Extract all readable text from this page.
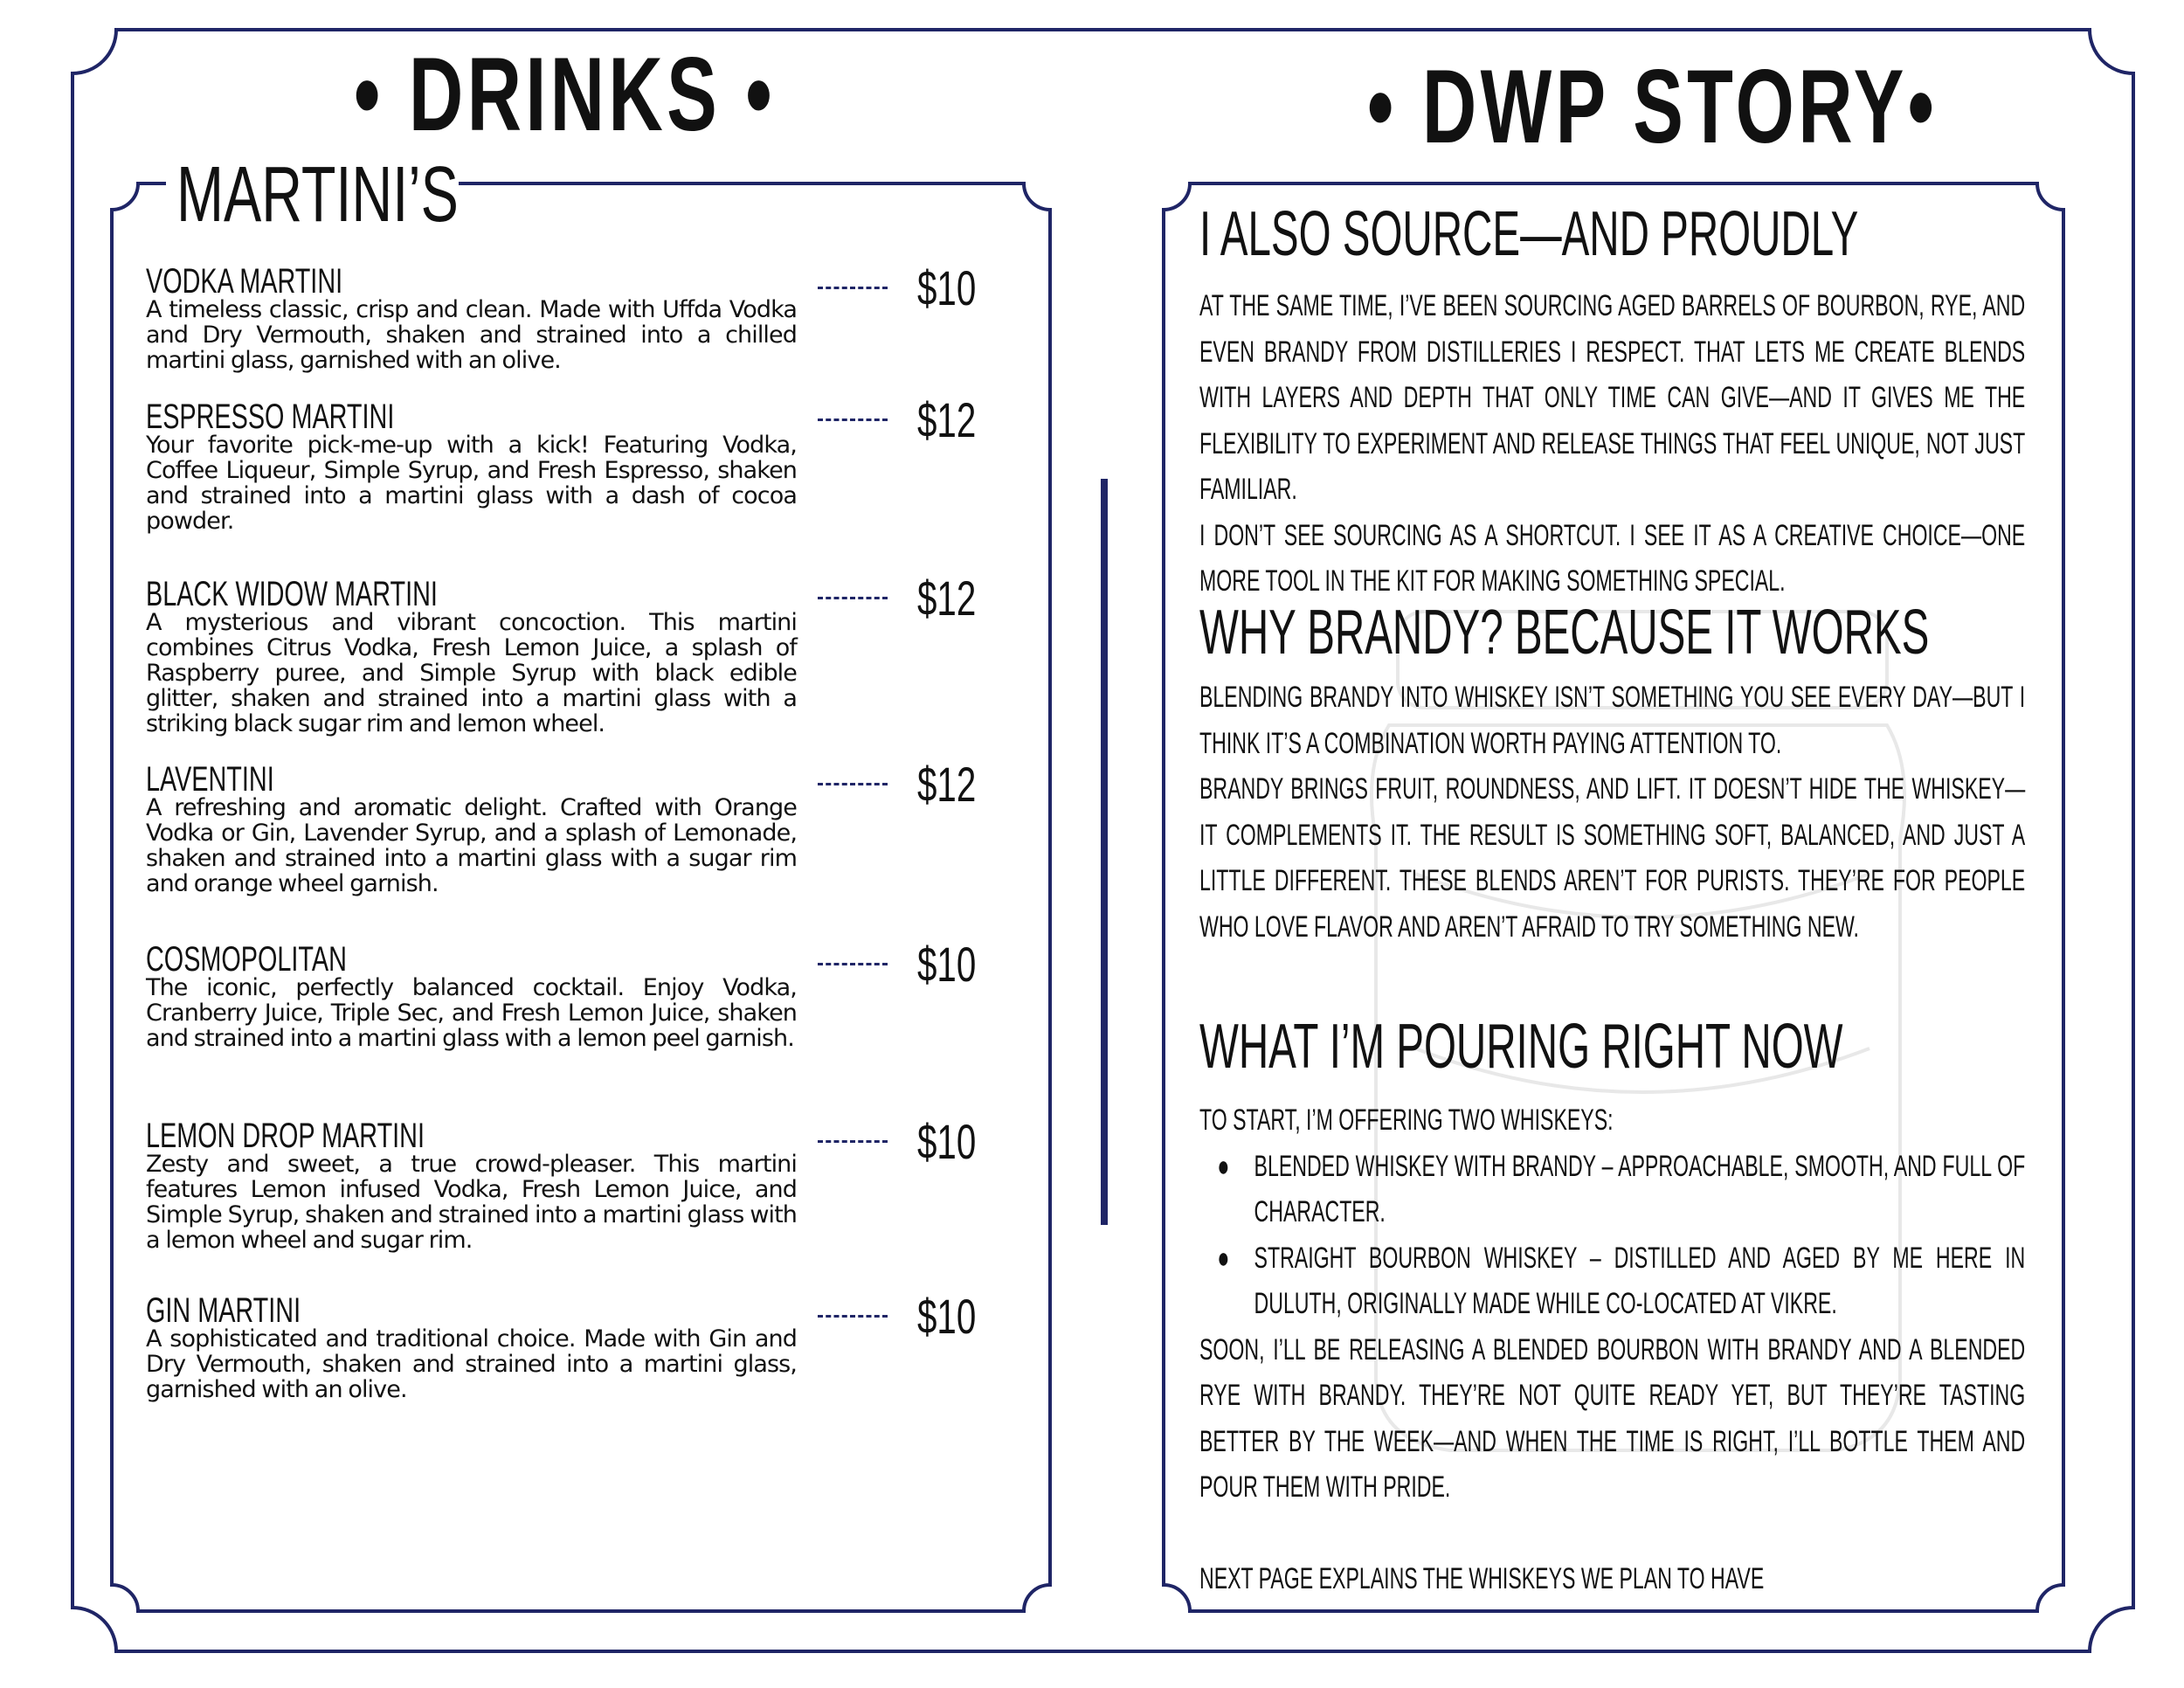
• DRINKS •	• DWP STORY•
MARTINI’S
VODKA MARTINI
A timeless classic, crisp and clean. Made with Uffda Vodka and Dry Vermouth, shaken and strained into a chilled martini glass, garnished with an olive.
$10
ESPRESSO MARTINI
Your favorite pick-me-up with a kick! Featuring Vodka, Coffee Liqueur, Simple Syrup, and Fresh Espresso, shaken and strained into a martini glass with a dash of cocoa powder.
$12
BLACK WIDOW MARTINI
A mysterious and vibrant concoction. This martini combines Citrus Vodka, Fresh Lemon Juice, a splash of Raspberry puree, and Simple Syrup with black edible glitter, shaken and strained into a martini glass with a striking black sugar rim and lemon wheel.
$12
LAVENTINI
A refreshing and aromatic delight. Crafted with Orange Vodka or Gin, Lavender Syrup, and a splash of Lemonade, shaken and strained into a martini glass with a sugar rim and orange wheel garnish.
$12
COSMOPOLITAN
The iconic, perfectly balanced cocktail. Enjoy Vodka, Cranberry Juice, Triple Sec, and Fresh Lemon Juice, shaken and strained into a martini glass with a lemon peel garnish.
$10
LEMON DROP MARTINI
Zesty and sweet, a true crowd-pleaser. This martini features Lemon infused Vodka, Fresh Lemon Juice, and Simple Syrup, shaken and strained into a martini glass with a lemon wheel and sugar rim.
$10
GIN MARTINI
A sophisticated and traditional choice. Made with Gin and Dry Vermouth, shaken and strained into a martini glass, garnished with an olive.
$10
I ALSO SOURCE—AND PROUDLY
AT THE SAME TIME, I’VE BEEN SOURCING AGED BARRELS OF BOURBON, RYE, AND EVEN BRANDY FROM DISTILLERIES I RESPECT. THAT LETS ME CREATE BLENDS WITH LAYERS AND DEPTH THAT ONLY TIME CAN GIVE—AND IT GIVES ME THE FLEXIBILITY TO EXPERIMENT AND RELEASE THINGS THAT FEEL UNIQUE, NOT JUST FAMILIAR.
I DON’T SEE SOURCING AS A SHORTCUT. I SEE IT AS A CREATIVE CHOICE—ONE MORE TOOL IN THE KIT FOR MAKING SOMETHING SPECIAL.
WHY BRANDY? BECAUSE IT WORKS
BLENDING BRANDY INTO WHISKEY ISN’T SOMETHING YOU SEE EVERY DAY—BUT I THINK IT’S A COMBINATION WORTH PAYING ATTENTION TO.
BRANDY BRINGS FRUIT, ROUNDNESS, AND LIFT. IT DOESN’T HIDE THE WHISKEY—IT COMPLEMENTS IT. THE RESULT IS SOMETHING SOFT, BALANCED, AND JUST A LITTLE DIFFERENT. THESE BLENDS AREN’T FOR PURISTS. THEY’RE FOR PEOPLE WHO LOVE FLAVOR AND AREN’T AFRAID TO TRY SOMETHING NEW.
WHAT I’M POURING RIGHT NOW
TO START, I’M OFFERING TWO WHISKEYS:
● BLENDED WHISKEY WITH BRANDY – APPROACHABLE, SMOOTH, AND FULL OF CHARACTER.
● STRAIGHT BOURBON WHISKEY – DISTILLED AND AGED BY ME HERE IN DULUTH, ORIGINALLY MADE WHILE CO-LOCATED AT VIKRE.
SOON, I’LL BE RELEASING A BLENDED BOURBON WITH BRANDY AND A BLENDED RYE WITH BRANDY. THEY’RE NOT QUITE READY YET, BUT THEY’RE TASTING BETTER BY THE WEEK—AND WHEN THE TIME IS RIGHT, I’LL BOTTLE THEM AND POUR THEM WITH PRIDE.
NEXT PAGE EXPLAINS THE WHISKEYS WE PLAN TO HAVE
